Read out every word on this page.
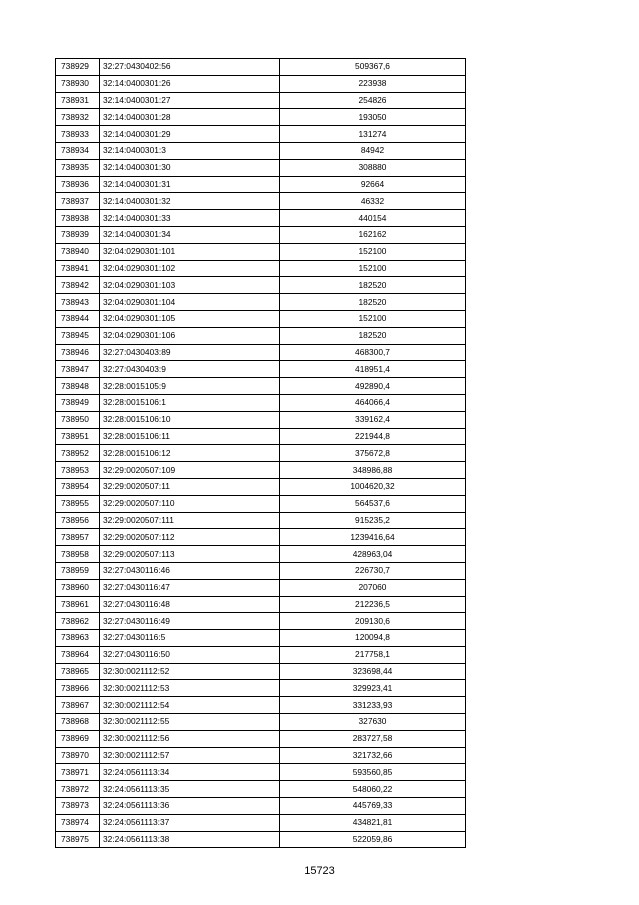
738929	32:27:0430402:56	509367,6
738930	32:14:0400301:26	223938
738931	32:14:0400301:27	254826
738932	32:14:0400301:28	193050
738933	32:14:0400301:29	131274
738934	32:14:0400301:3	84942
738935	32:14:0400301:30	308880
738936	32:14:0400301:31	92664
738937	32:14:0400301:32	46332
738938	32:14:0400301:33	440154
738939	32:14:0400301:34	162162
738940	32:04:0290301:101	152100
738941	32:04:0290301:102	152100
738942	32:04:0290301:103	182520
738943	32:04:0290301:104	182520
738944	32:04:0290301:105	152100
738945	32:04:0290301:106	182520
738946	32:27:0430403:89	468300,7
738947	32:27:0430403:9	418951,4
738948	32:28:0015105:9	492890,4
738949	32:28:0015106:1	464066,4
738950	32:28:0015106:10	339162,4
738951	32:28:0015106:11	221944,8
738952	32:28:0015106:12	375672,8
738953	32:29:0020507:109	348986,88
738954	32:29:0020507:11	1004620,32
738955	32:29:0020507:110	564537,6
738956	32:29:0020507:111	915235,2
738957	32:29:0020507:112	1239416,64
738958	32:29:0020507:113	428963,04
738959	32:27:0430116:46	226730,7
738960	32:27:0430116:47	207060
738961	32:27:0430116:48	212236,5
738962	32:27:0430116:49	209130,6
738963	32:27:0430116:5	120094,8
738964	32:27:0430116:50	217758,1
738965	32:30:0021112:52	323698,44
738966	32:30:0021112:53	329923,41
738967	32:30:0021112:54	331233,93
738968	32:30:0021112:55	327630
738969	32:30:0021112:56	283727,58
738970	32:30:0021112:57	321732,66
738971	32:24:0561113:34	593560,85
738972	32:24:0561113:35	548060,22
738973	32:24:0561113:36	445769,33
738974	32:24:0561113:37	434821,81
738975	32:24:0561113:38	522059,86
15723
